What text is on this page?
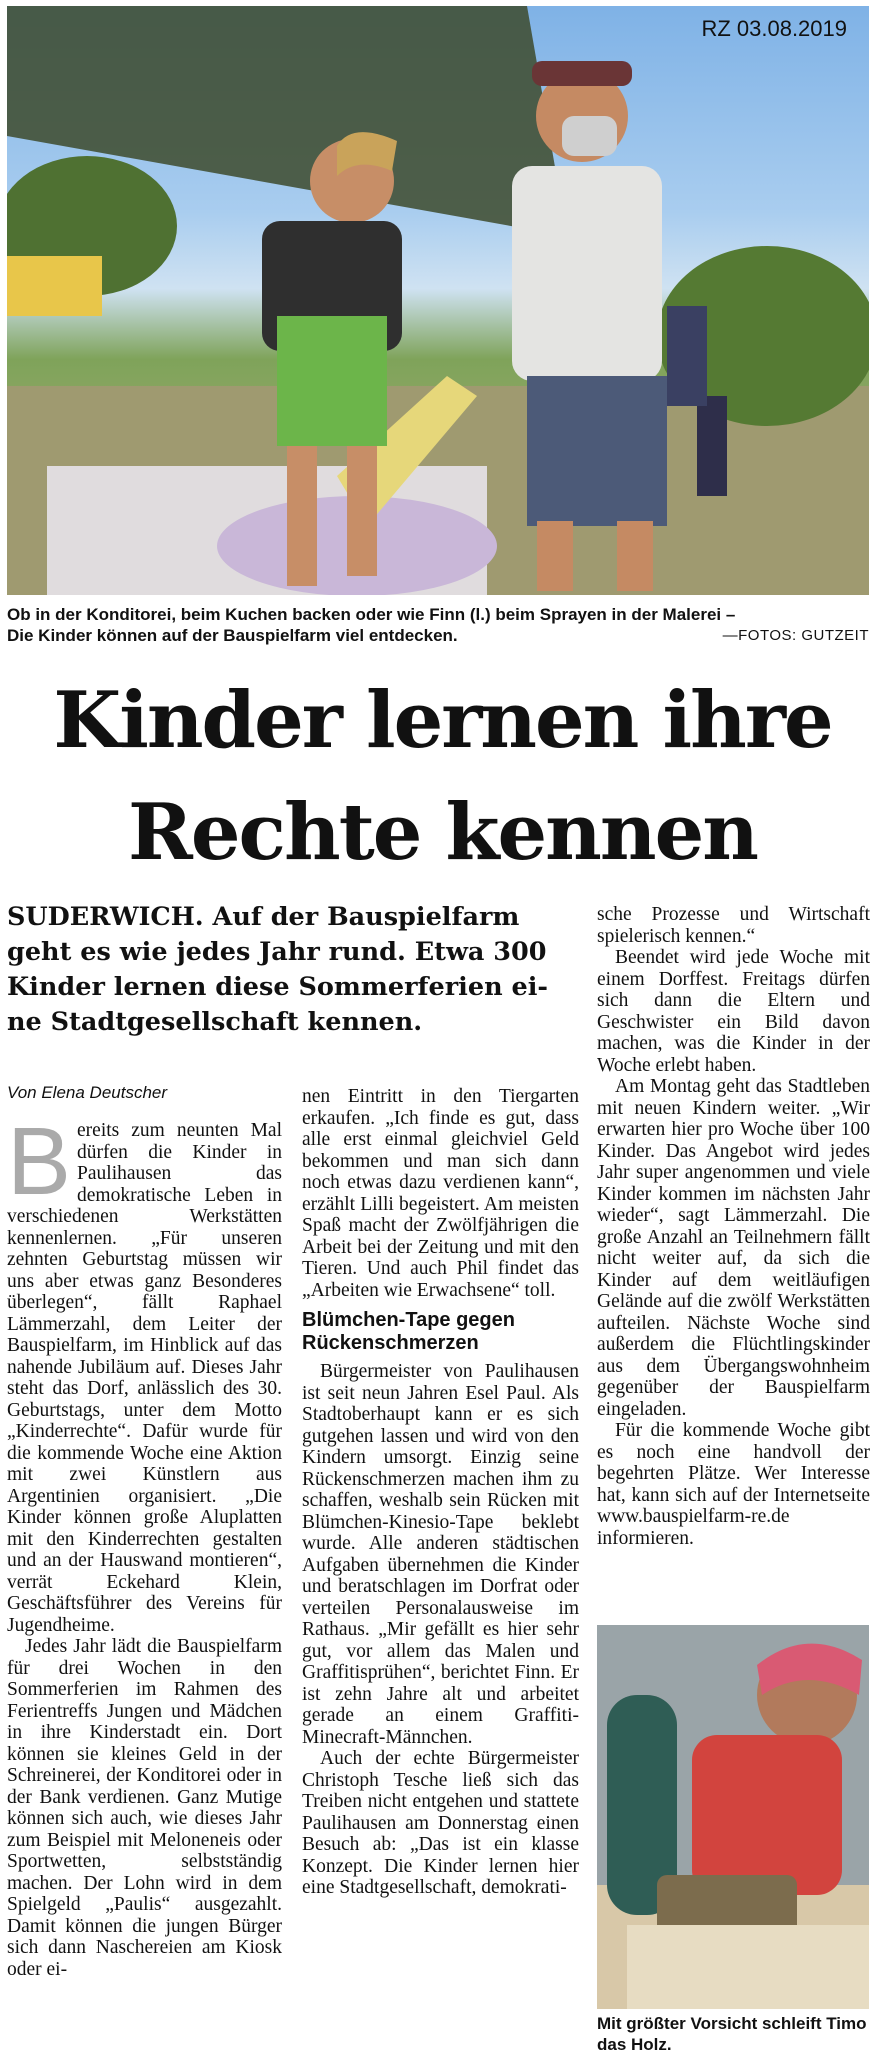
RZ 03.08.2019
Ob in der Konditorei, beim Kuchen backen oder wie Finn (l.) beim Sprayen in der Malerei –
Die Kinder können auf der Bauspielfarm viel entdecken.	—FOTOS: GUTZEIT
Kinder lernen ihre
Rechte kennen
SUDERWICH. Auf der Bauspielfarm geht es wie jedes Jahr rund. Etwa 300 Kinder lernen diese Sommerferien ei-ne Stadtgesellschaft kennen.
Von Elena Deutscher

Bereits zum neunten Mal dürfen die Kinder in Paulihausen das demokratische Leben in verschiedenen Werkstätten kennenlernen. „Für unseren zehnten Geburtstag müssen wir uns aber etwas ganz Besonderes überlegen“, fällt Raphael Lämmerzahl, dem Leiter der Bauspielfarm, im Hinblick auf das nahende Jubiläum auf. Dieses Jahr steht das Dorf, anlässlich des 30. Geburtstags, unter dem Motto „Kinderrechte“. Dafür wurde für die kommende Woche eine Aktion mit zwei Künstlern aus Argentinien organisiert. „Die Kinder können große Aluplatten mit den Kinderrechten gestalten und an der Hauswand montieren“, verrät Eckehard Klein, Geschäftsführer des Vereins für Jugendheime.

Jedes Jahr lädt die Bauspielfarm für drei Wochen in den Sommerferien im Rahmen des Ferientreffs Jungen und Mädchen in ihre Kinderstadt ein. Dort können sie kleines Geld in der Schreinerei, der Konditorei oder in der Bank verdienen. Ganz Mutige können sich auch, wie dieses Jahr zum Beispiel mit Meloneneis oder Sportwetten, selbstständig machen. Der Lohn wird in dem Spielgeld „Paulis“ ausgezahlt. Damit können die jungen Bürger sich dann Naschereien am Kiosk oder ei-

nen Eintritt in den Tiergarten erkaufen. „Ich finde es gut, dass alle erst einmal gleichviel Geld bekommen und man sich dann noch etwas dazu verdienen kann“, erzählt Lilli begeistert. Am meisten Spaß macht der Zwölfjährigen die Arbeit bei der Zeitung und mit den Tieren. Und auch Phil findet das „Arbeiten wie Erwachsene“ toll.

Blümchen-Tape gegen Rückenschmerzen

Bürgermeister von Paulihausen ist seit neun Jahren Esel Paul. Als Stadtoberhaupt kann er es sich gutgehen lassen und wird von den Kindern umsorgt. Einzig seine Rückenschmerzen machen ihm zu schaffen, weshalb sein Rücken mit Blümchen-Kinesio-Tape beklebt wurde. Alle anderen städtischen Aufgaben übernehmen die Kinder und beratschlagen im Dorfrat oder verteilen Personalausweise im Rathaus. „Mir gefällt es hier sehr gut, vor allem das Malen und Graffitisprühen“, berichtet Finn. Er ist zehn Jahre alt und arbeitet gerade an einem Graffiti-Minecraft-Männchen.

Auch der echte Bürgermeister Christoph Tesche ließ sich das Treiben nicht entgehen und stattete Paulihausen am Donnerstag einen Besuch ab: „Das ist ein klasse Konzept. Die Kinder lernen hier eine Stadtgesellschaft, demokrati-

sche Prozesse und Wirtschaft spielerisch kennen.“

Beendet wird jede Woche mit einem Dorffest. Freitags dürfen sich dann die Eltern und Geschwister ein Bild davon machen, was die Kinder in der Woche erlebt haben.

Am Montag geht das Stadtleben mit neuen Kindern weiter. „Wir erwarten hier pro Woche über 100 Kinder. Das Angebot wird jedes Jahr super angenommen und viele Kinder kommen im nächsten Jahr wieder“, sagt Lämmerzahl. Die große Anzahl an Teilnehmern fällt nicht weiter auf, da sich die Kinder auf dem weitläufigen Gelände auf die zwölf Werkstätten aufteilen. Nächste Woche sind außerdem die Flüchtlingskinder aus dem Übergangswohnheim gegenüber der Bauspielfarm eingeladen.

Für die kommende Woche gibt es noch eine handvoll der begehrten Plätze. Wer Interesse hat, kann sich auf der Internetseite www.bauspielfarm-re.de informieren.

Mit größter Vorsicht schleift Timo das Holz.
